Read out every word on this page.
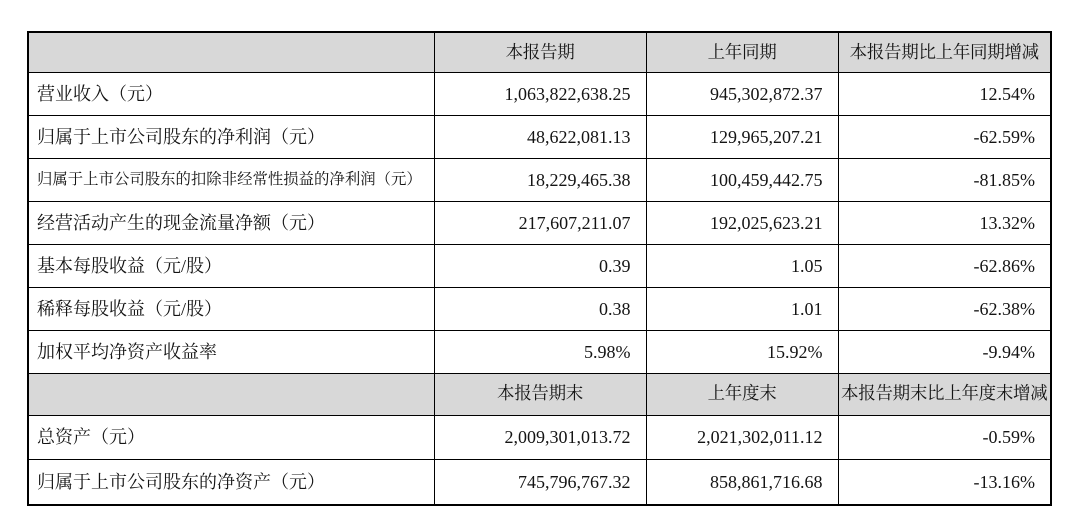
	本报告期	上年同期	本报告期比上年同期增减
营业收入（元）	1,063,822,638.25	945,302,872.37	12.54%
归属于上市公司股东的净利润（元）	48,622,081.13	129,965,207.21	-62.59%
归属于上市公司股东的扣除非经常性损益的净利润（元）	18,229,465.38	100,459,442.75	-81.85%
经营活动产生的现金流量净额（元）	217,607,211.07	192,025,623.21	13.32%
基本每股收益（元/股）	0.39	1.05	-62.86%
稀释每股收益（元/股）	0.38	1.01	-62.38%
加权平均净资产收益率	5.98%	15.92%	-9.94%
	本报告期末	上年度末	本报告期末比上年度末增减
总资产（元）	2,009,301,013.72	2,021,302,011.12	-0.59%
归属于上市公司股东的净资产（元）	745,796,767.32	858,861,716.68	-13.16%
